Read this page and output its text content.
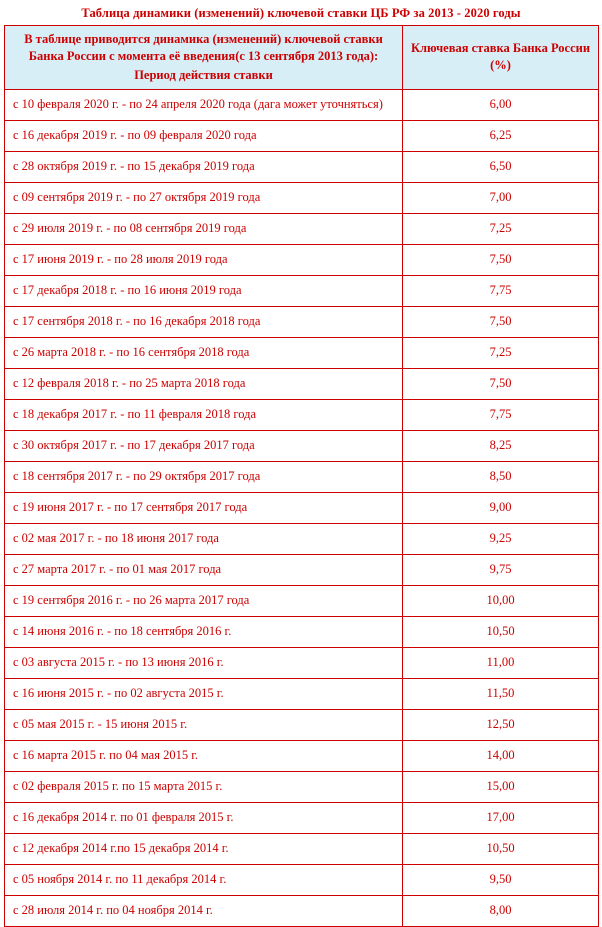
Таблица динамики (изменений) ключевой ставки ЦБ РФ за 2013 - 2020 годы
В таблице приводится динамика (изменений) ключевой ставки Банка России с момента её введения(с 13 сентября 2013 года):
Период действия ставки	Ключевая ставка Банка России (%)
с 10 февраля 2020 г. - по 24 апреля 2020 года (дага может уточняться)	6,00
с 16 декабря 2019 г. - по 09 февраля 2020 года	6,25
с 28 октября 2019 г. - по 15 декабря 2019 года	6,50
с 09 сентября 2019 г. - по 27 октября 2019 года	7,00
с 29 июля 2019 г. - по 08 сентября 2019 года	7,25
с 17 июня 2019 г. - по 28 июля 2019 года	7,50
с 17 декабря 2018 г. - по 16 июня 2019 года	7,75
с 17 сентября 2018 г. - по 16 декабря 2018 года	7,50
с 26 марта 2018 г. - по 16 сентября 2018 года	7,25
с 12 февраля 2018 г. - по 25 марта 2018 года	7,50
с 18 декабря 2017 г. - по 11 февраля 2018 года	7,75
с 30 октября 2017 г. - по 17 декабря 2017 года	8,25
с 18 сентября 2017 г. - по 29 октября 2017 года	8,50
с 19 июня 2017 г. - по 17 сентября 2017 года	9,00
с 02 мая 2017 г. - по 18 июня 2017 года	9,25
с 27 марта 2017 г. - по 01 мая 2017 года	9,75
с 19 сентября 2016 г. - по 26 марта 2017 года	10,00
с 14 июня 2016 г. - по 18 сентября 2016 г.	10,50
с 03 августа 2015 г. - по 13 июня 2016 г.	11,00
с 16 июня 2015 г. - по 02 августа 2015 г.	11,50
с 05 мая 2015 г. - 15 июня 2015 г.	12,50
с 16 марта 2015 г. по 04 мая 2015 г.	14,00
с 02 февраля 2015 г. по 15 марта 2015 г.	15,00
с 16 декабря 2014 г. по 01 февраля 2015 г.	17,00
с 12 декабря 2014 г.по 15 декабря 2014 г.	10,50
с 05 ноября 2014 г. по 11 декабря 2014 г.	9,50
с 28 июля 2014 г. по 04 ноября 2014 г.	8,00
